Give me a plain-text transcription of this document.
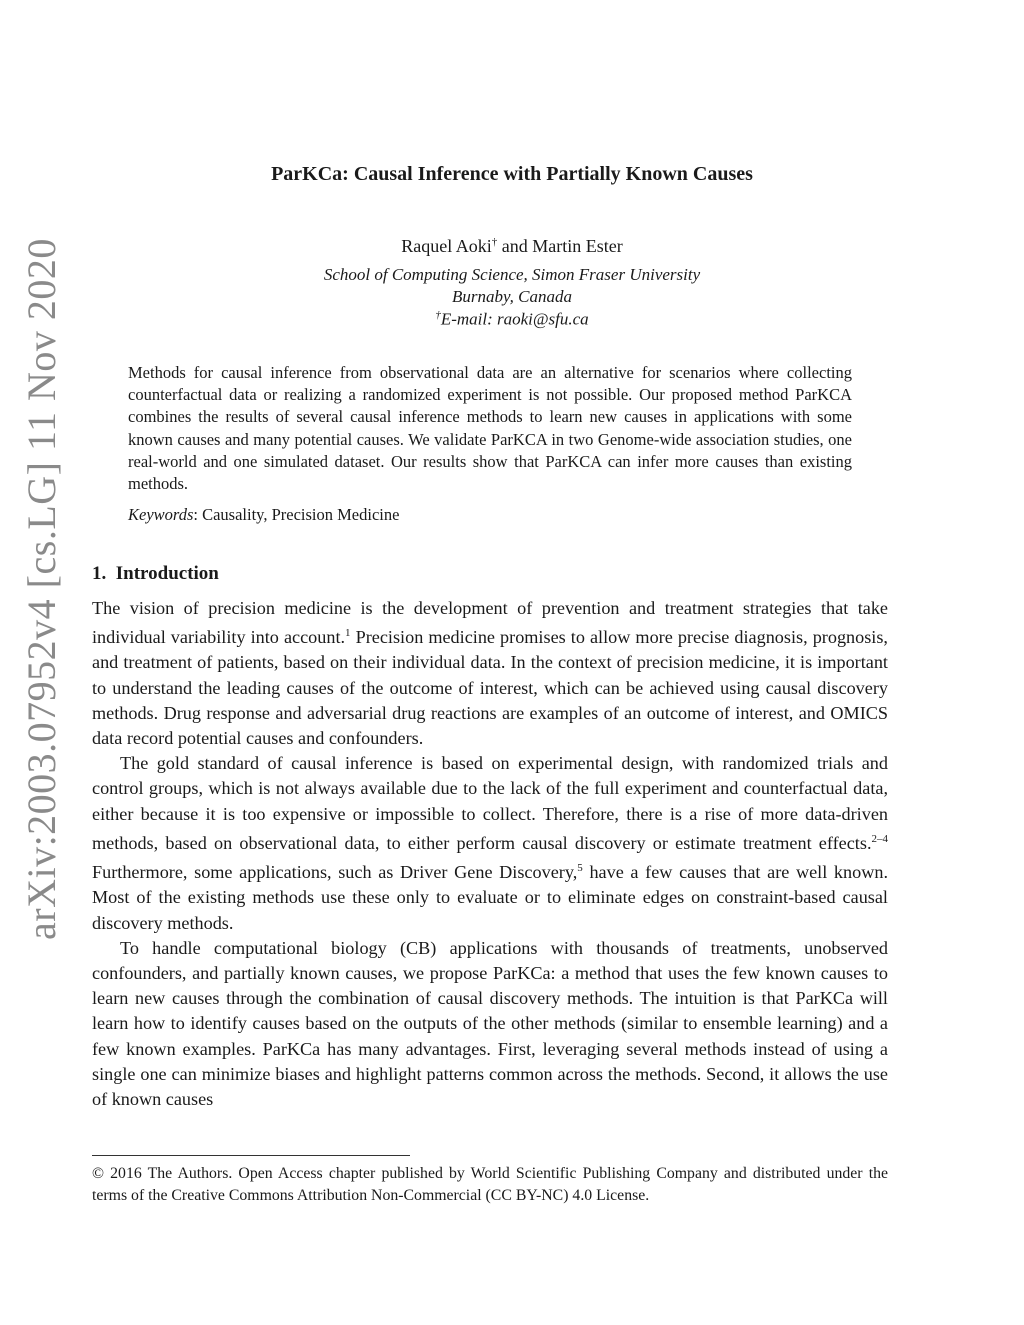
arXiv:2003.07952v4 [cs.LG] 11 Nov 2020
ParKCa: Causal Inference with Partially Known Causes
Raquel Aoki† and Martin Ester
School of Computing Science, Simon Fraser University
Burnaby, Canada
†E-mail: raoki@sfu.ca

Methods for causal inference from observational data are an alternative for scenarios where collecting counterfactual data or realizing a randomized experiment is not possible. Our proposed method ParKCA combines the results of several causal inference methods to learn new causes in applications with some known causes and many potential causes. We validate ParKCA in two Genome-wide association studies, one real-world and one simulated dataset. Our results show that ParKCA can infer more causes than existing methods.

Keywords: Causality, Precision Medicine
1. Introduction

The vision of precision medicine is the development of prevention and treatment strategies that take individual variability into account.$^1$ Precision medicine promises to allow more precise diagnosis, prognosis, and treatment of patients, based on their individual data. In the context of precision medicine, it is important to understand the leading causes of the outcome of interest, which can be achieved using causal discovery methods. Drug response and adversarial drug reactions are examples of an outcome of interest, and OMICS data record potential causes and confounders.

The gold standard of causal inference is based on experimental design, with randomized trials and control groups, which is not always available due to the lack of the full experiment and counterfactual data, either because it is too expensive or impossible to collect. Therefore, there is a rise of more data-driven methods, based on observational data, to either perform causal discovery or estimate treatment effects.$^{2-4}$ Furthermore, some applications, such as Driver Gene Discovery,$^5$ have a few causes that are well known. Most of the existing methods use these only to evaluate or to eliminate edges on constraint-based causal discovery methods.

To handle computational biology (CB) applications with thousands of treatments, unobserved confounders, and partially known causes, we propose ParKCa: a method that uses the few known causes to learn new causes through the combination of causal discovery methods. The intuition is that ParKCa will learn how to identify causes based on the outputs of the other methods (similar to ensemble learning) and a few known examples. ParKCa has many advantages. First, leveraging several methods instead of using a single one can minimize biases and highlight patterns common across the methods. Second, it allows the use of known causes

© 2016 The Authors. Open Access chapter published by World Scientific Publishing Company and distributed under the terms of the Creative Commons Attribution Non-Commercial (CC BY-NC) 4.0 License.
